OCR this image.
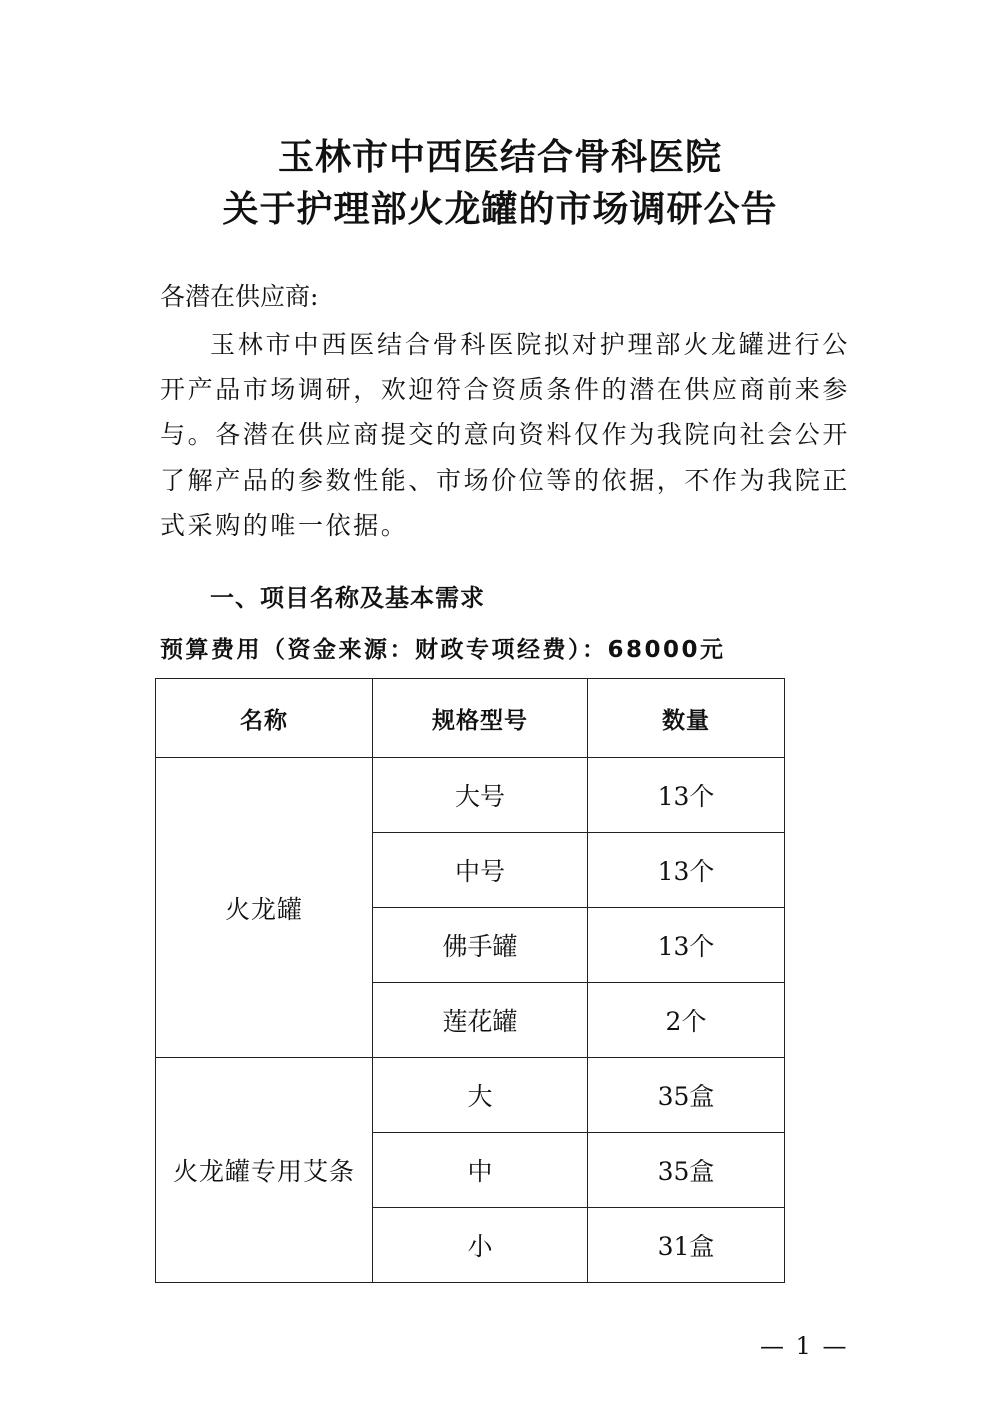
玉林市中西医结合骨科医院
关于护理部火龙罐的市场调研公告
各潜在供应商:
玉林市中西医结合骨科医院拟对护理部火龙罐进行公开产品市场调研，欢迎符合资质条件的潜在供应商前来参与。各潜在供应商提交的意向资料仅作为我院向社会公开了解产品的参数性能、市场价位等的依据，不作为我院正式采购的唯一依据。
一、项目名称及基本需求
预算费用（资金来源：财政专项经费）：68000元
名称	规格型号	数量
火龙罐	大号	13个
	中号	13个
	佛手罐	13个
	莲花罐	2个
火龙罐专用艾条	大	35盒
	中	35盒
	小	31盒
— 1 —
